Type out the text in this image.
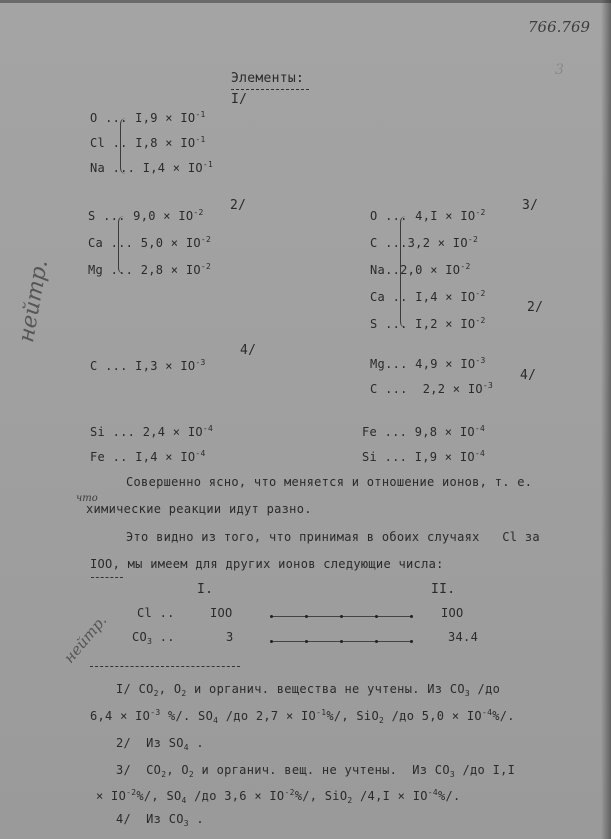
766.769
3
Элементы:
I/
O ... $I,9 \times IO^{-1}$
Cl .. $I,8 \times IO^{-1}$
Na ... $I,4 \times IO^{-1}$
2/
S ... $9,0 \times IO^{-2}$
Ca ... $5,0 \times IO^{-2}$
Mg ... $2,8 \times IO^{-2}$
3/
O ... $4,I \times IO^{-2}$
C $...3,2 \times IO^{-2}$
$Na..2,0 \times IO^{-2}$
Ca .. $I,4 \times IO^{-2}$
S ... $I,2 \times IO^{-2}$
2/
4/
C ... $I,3 \times IO^{-3}$
4/
Mg... $4,9 \times IO^{-3}$
C ... $2,2 \times IO^{-3}$
Si ... $2,4 \times IO^{-4}$
Fe .. $I,4 \times IO^{-4}$
Fe ... $9,8 \times IO^{-4}$
Si ... $I,9 \times IO^{-4}$
Совершенно ясно, что меняется и отношение ионов, т. е.
что
химические реакции идут разно.
Это видно из того, что принимая в обоих случаях Cl за
IOO, мы имеем для других ионов следующие числа:
I.	II.
Cl ..	IOO	IOO
$CO_3$ ..	3	34.4
I/ $CO_2$, $O_2$ и органич. вещества не учтены. Из $CO_3$ /до
$6,4 \times IO^{-3}$ %/. $SO_4$ /до $2,7 \times IO^{-1}\%/$, SiO$_2$ /до $5,0 \times IO^{-4}\%/$.
2/ Из $SO_4$ .
3/ $CO_2$, $O_2$ и органич. вещ. не учтены.  Из $CO_3$ /до I,I
× $IO^{-2}\%/$, $SO_4$ /до $3,6 \times IO^{-2}\%/$, SiO$_2$ $/4,I \times IO^{-4}\%/$.
4/ Из $CO_3$ .
нейтр.
нейтр.
